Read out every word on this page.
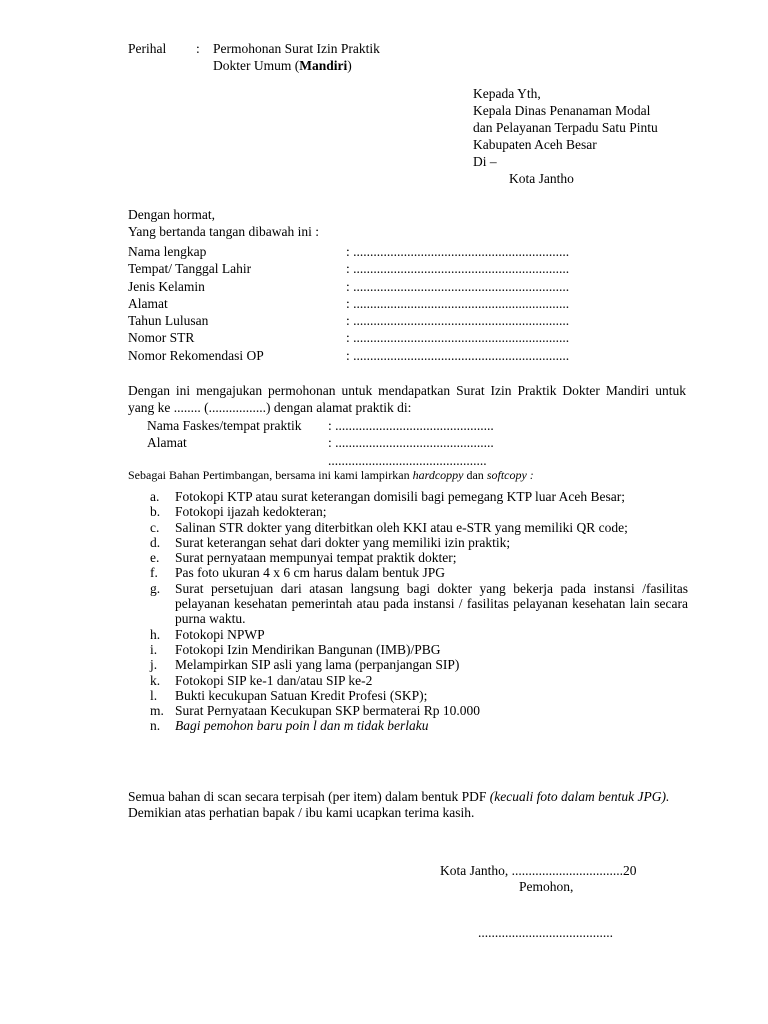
Perihal	: Permohonan Surat Izin Praktik
Dokter Umum (Mandiri)
Kepada Yth,
Kepala Dinas Penanaman Modal
dan Pelayanan Terpadu Satu Pintu
Kabupaten Aceh Besar
Di –
Kota Jantho
Dengan hormat,
Yang bertanda tangan dibawah ini :
Nama lengkap	: ................................................................
Tempat/ Tanggal Lahir	: ................................................................
Jenis Kelamin	: ................................................................
Alamat	: ................................................................
Tahun Lulusan	: ................................................................
Nomor STR	: ................................................................
Nomor Rekomendasi OP	: ................................................................
Dengan ini mengajukan permohonan untuk mendapatkan Surat Izin Praktik Dokter Mandiri untuk yang ke ........ (.................) dengan alamat praktik di:
Nama Faskes/tempat praktik : ...............................................
Alamat	: ...............................................
...............................................
Sebagai Bahan Pertimbangan, bersama ini kami lampirkan hardcoppy dan softcopy :
a. Fotokopi KTP atau surat keterangan domisili bagi pemegang KTP luar Aceh Besar;
b. Fotokopi ijazah kedokteran;
c. Salinan STR dokter yang diterbitkan oleh KKI atau e-STR yang memiliki QR code;
d. Surat keterangan sehat dari dokter yang memiliki izin praktik;
e. Surat pernyataan mempunyai tempat praktik dokter;
f. Pas foto ukuran 4 x 6 cm harus dalam bentuk JPG
g. Surat persetujuan dari atasan langsung bagi dokter yang bekerja pada instansi /fasilitas pelayanan kesehatan pemerintah atau pada instansi / fasilitas pelayanan kesehatan lain secara purna waktu.
h. Fotokopi NPWP
i. Fotokopi Izin Mendirikan Bangunan (IMB)/PBG
j. Melampirkan SIP asli yang lama (perpanjangan SIP)
k. Fotokopi SIP ke-1 dan/atau SIP ke-2
l. Bukti kecukupan Satuan Kredit Profesi (SKP);
m. Surat Pernyataan Kecukupan SKP bermaterai Rp 10.000
n. Bagi pemohon baru poin l dan m tidak berlaku
Semua bahan di scan secara terpisah (per item) dalam bentuk PDF (kecuali foto dalam bentuk JPG).
Demikian atas perhatian bapak / ibu kami ucapkan terima kasih.
Kota Jantho, .................................20
Pemohon,
........................................
